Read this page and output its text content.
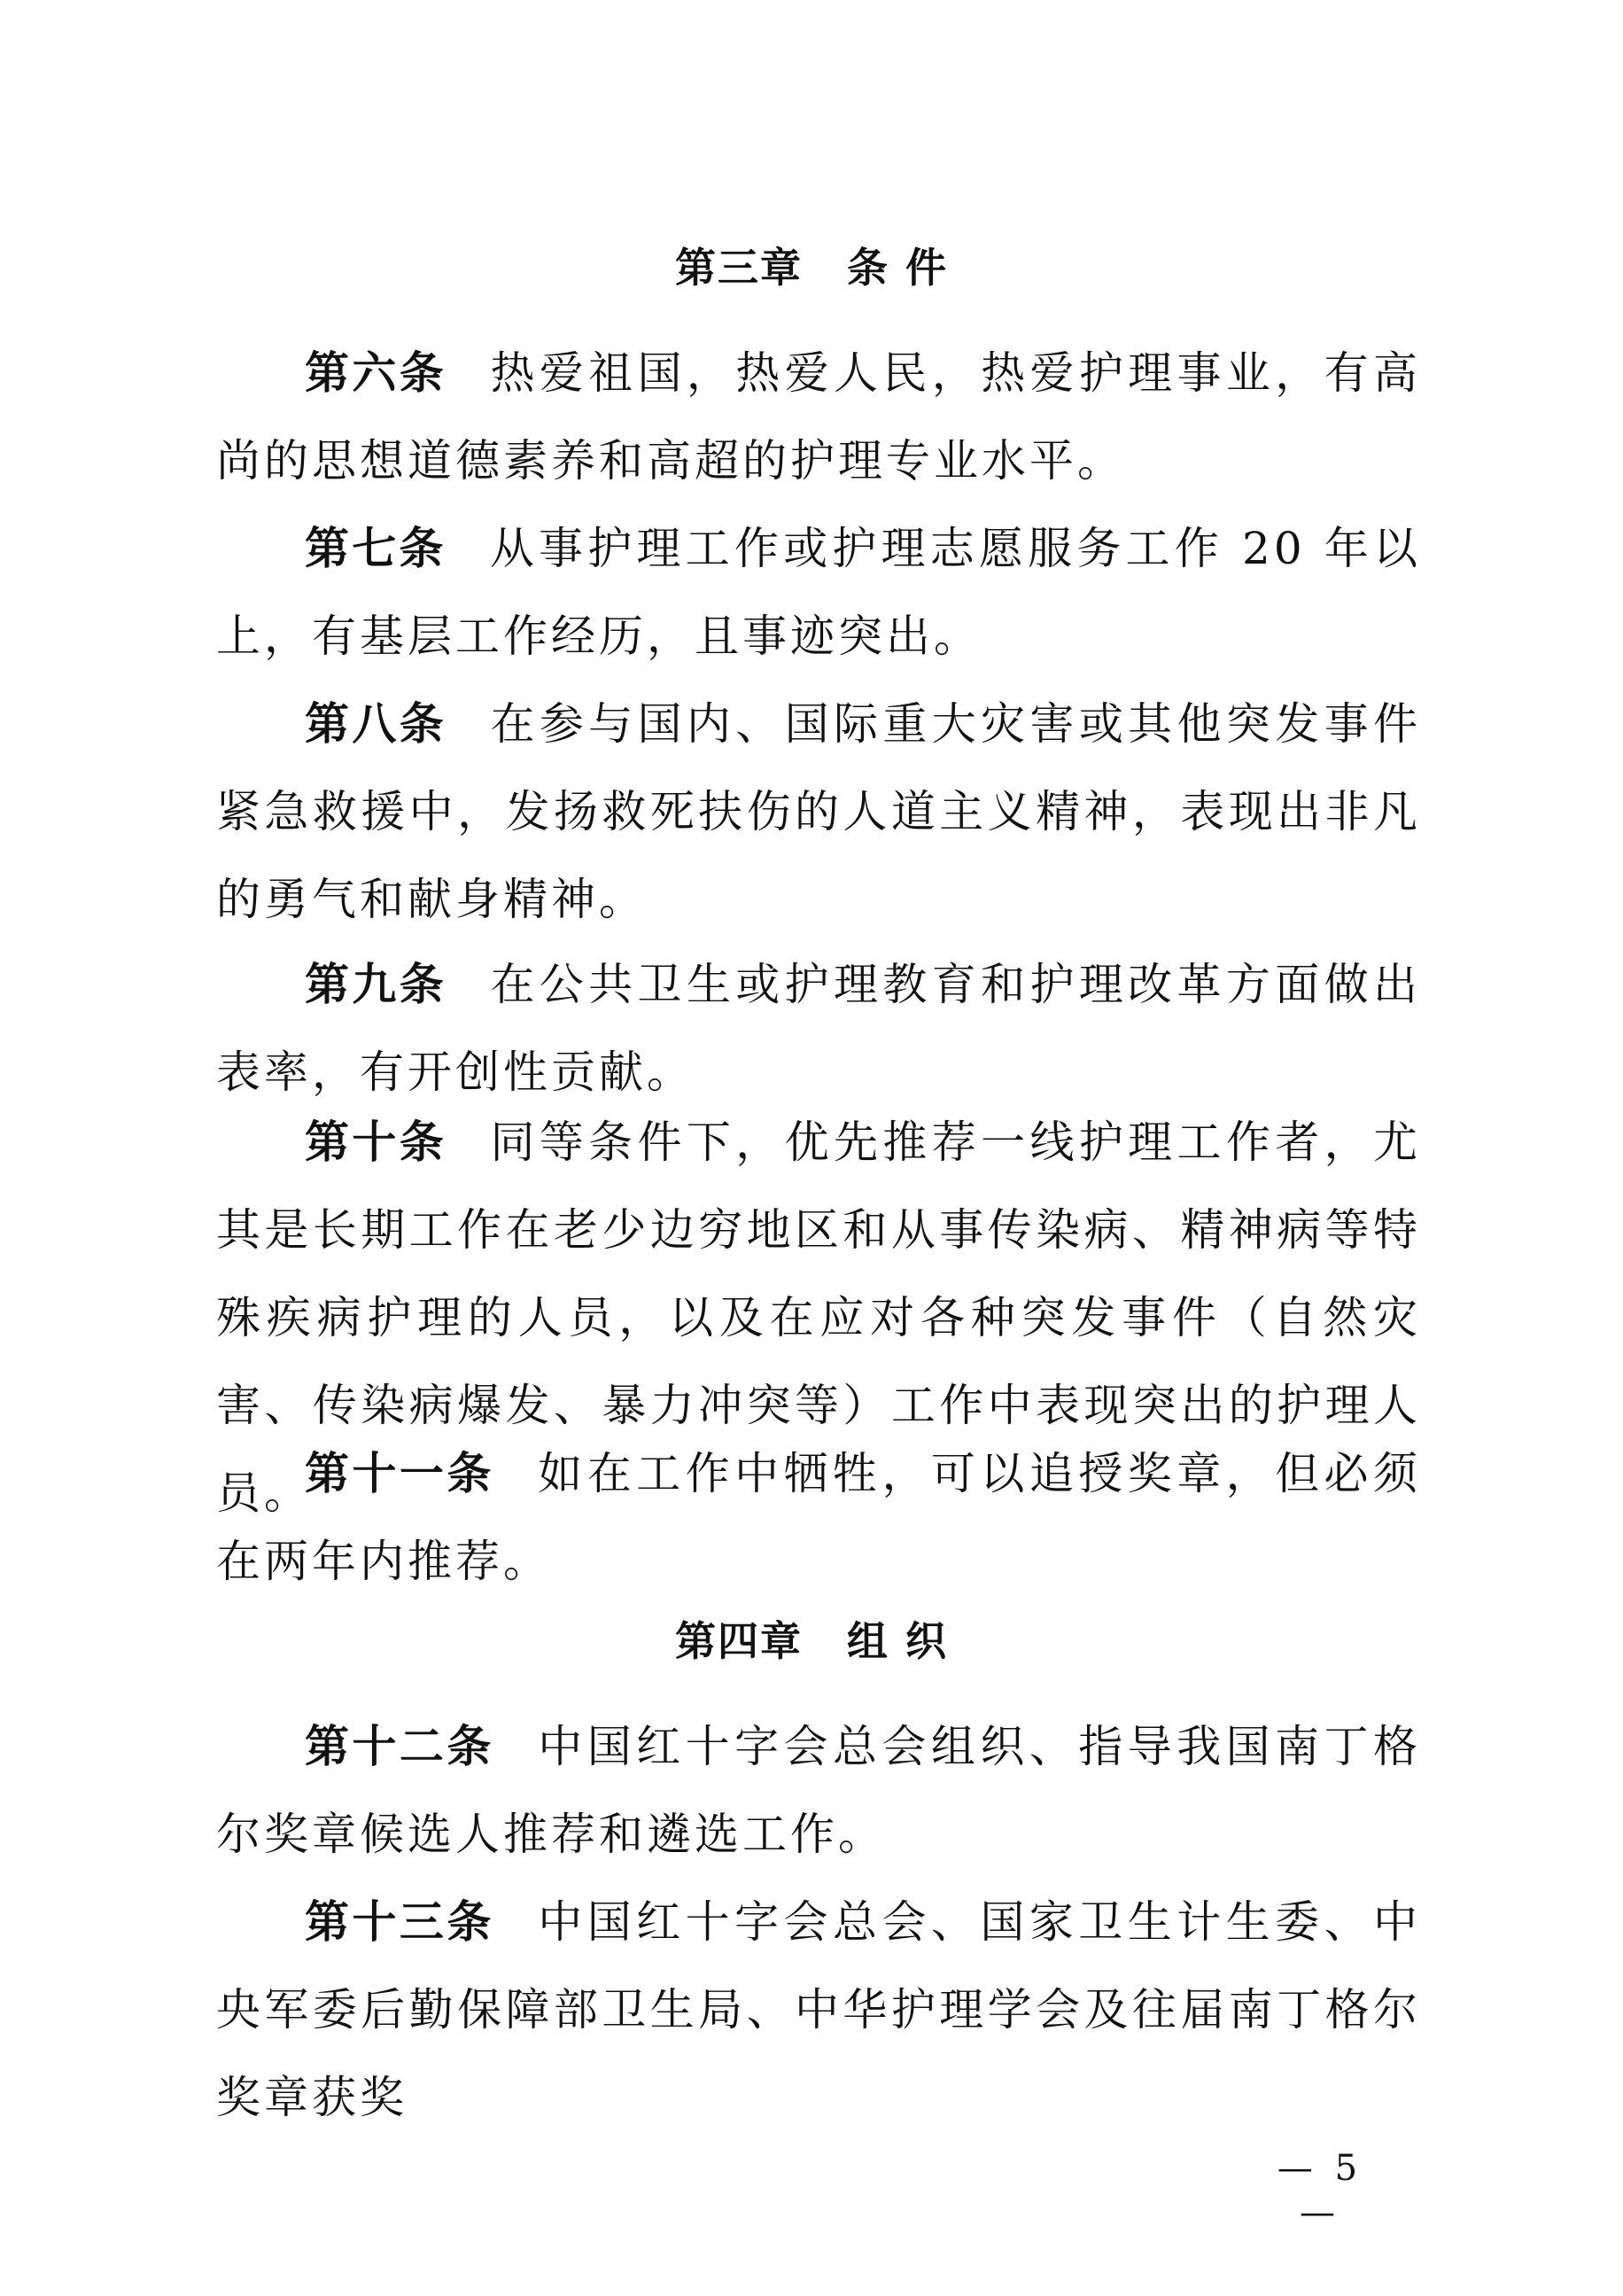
第三章 条 件
第六条 热爱祖国，热爱人民，热爱护理事业，有高尚的思想道德素养和高超的护理专业水平。
第七条 从事护理工作或护理志愿服务工作 20 年以上，有基层工作经历，且事迹突出。
第八条 在参与国内、国际重大灾害或其他突发事件紧急救援中，发扬救死扶伤的人道主义精神，表现出非凡的勇气和献身精神。
第九条 在公共卫生或护理教育和护理改革方面做出表率，有开创性贡献。
第十条 同等条件下，优先推荐一线护理工作者，尤其是长期工作在老少边穷地区和从事传染病、精神病等特殊疾病护理的人员，以及在应对各种突发事件（自然灾害、传染病爆发、暴力冲突等）工作中表现突出的护理人员。
第十一条 如在工作中牺牲，可以追授奖章，但必须在两年内推荐。
第四章 组 织
第十二条 中国红十字会总会组织、指导我国南丁格尔奖章候选人推荐和遴选工作。
第十三条 中国红十字会总会、国家卫生计生委、中央军委后勤保障部卫生局、中华护理学会及往届南丁格尔奖章获奖
— 5 —
